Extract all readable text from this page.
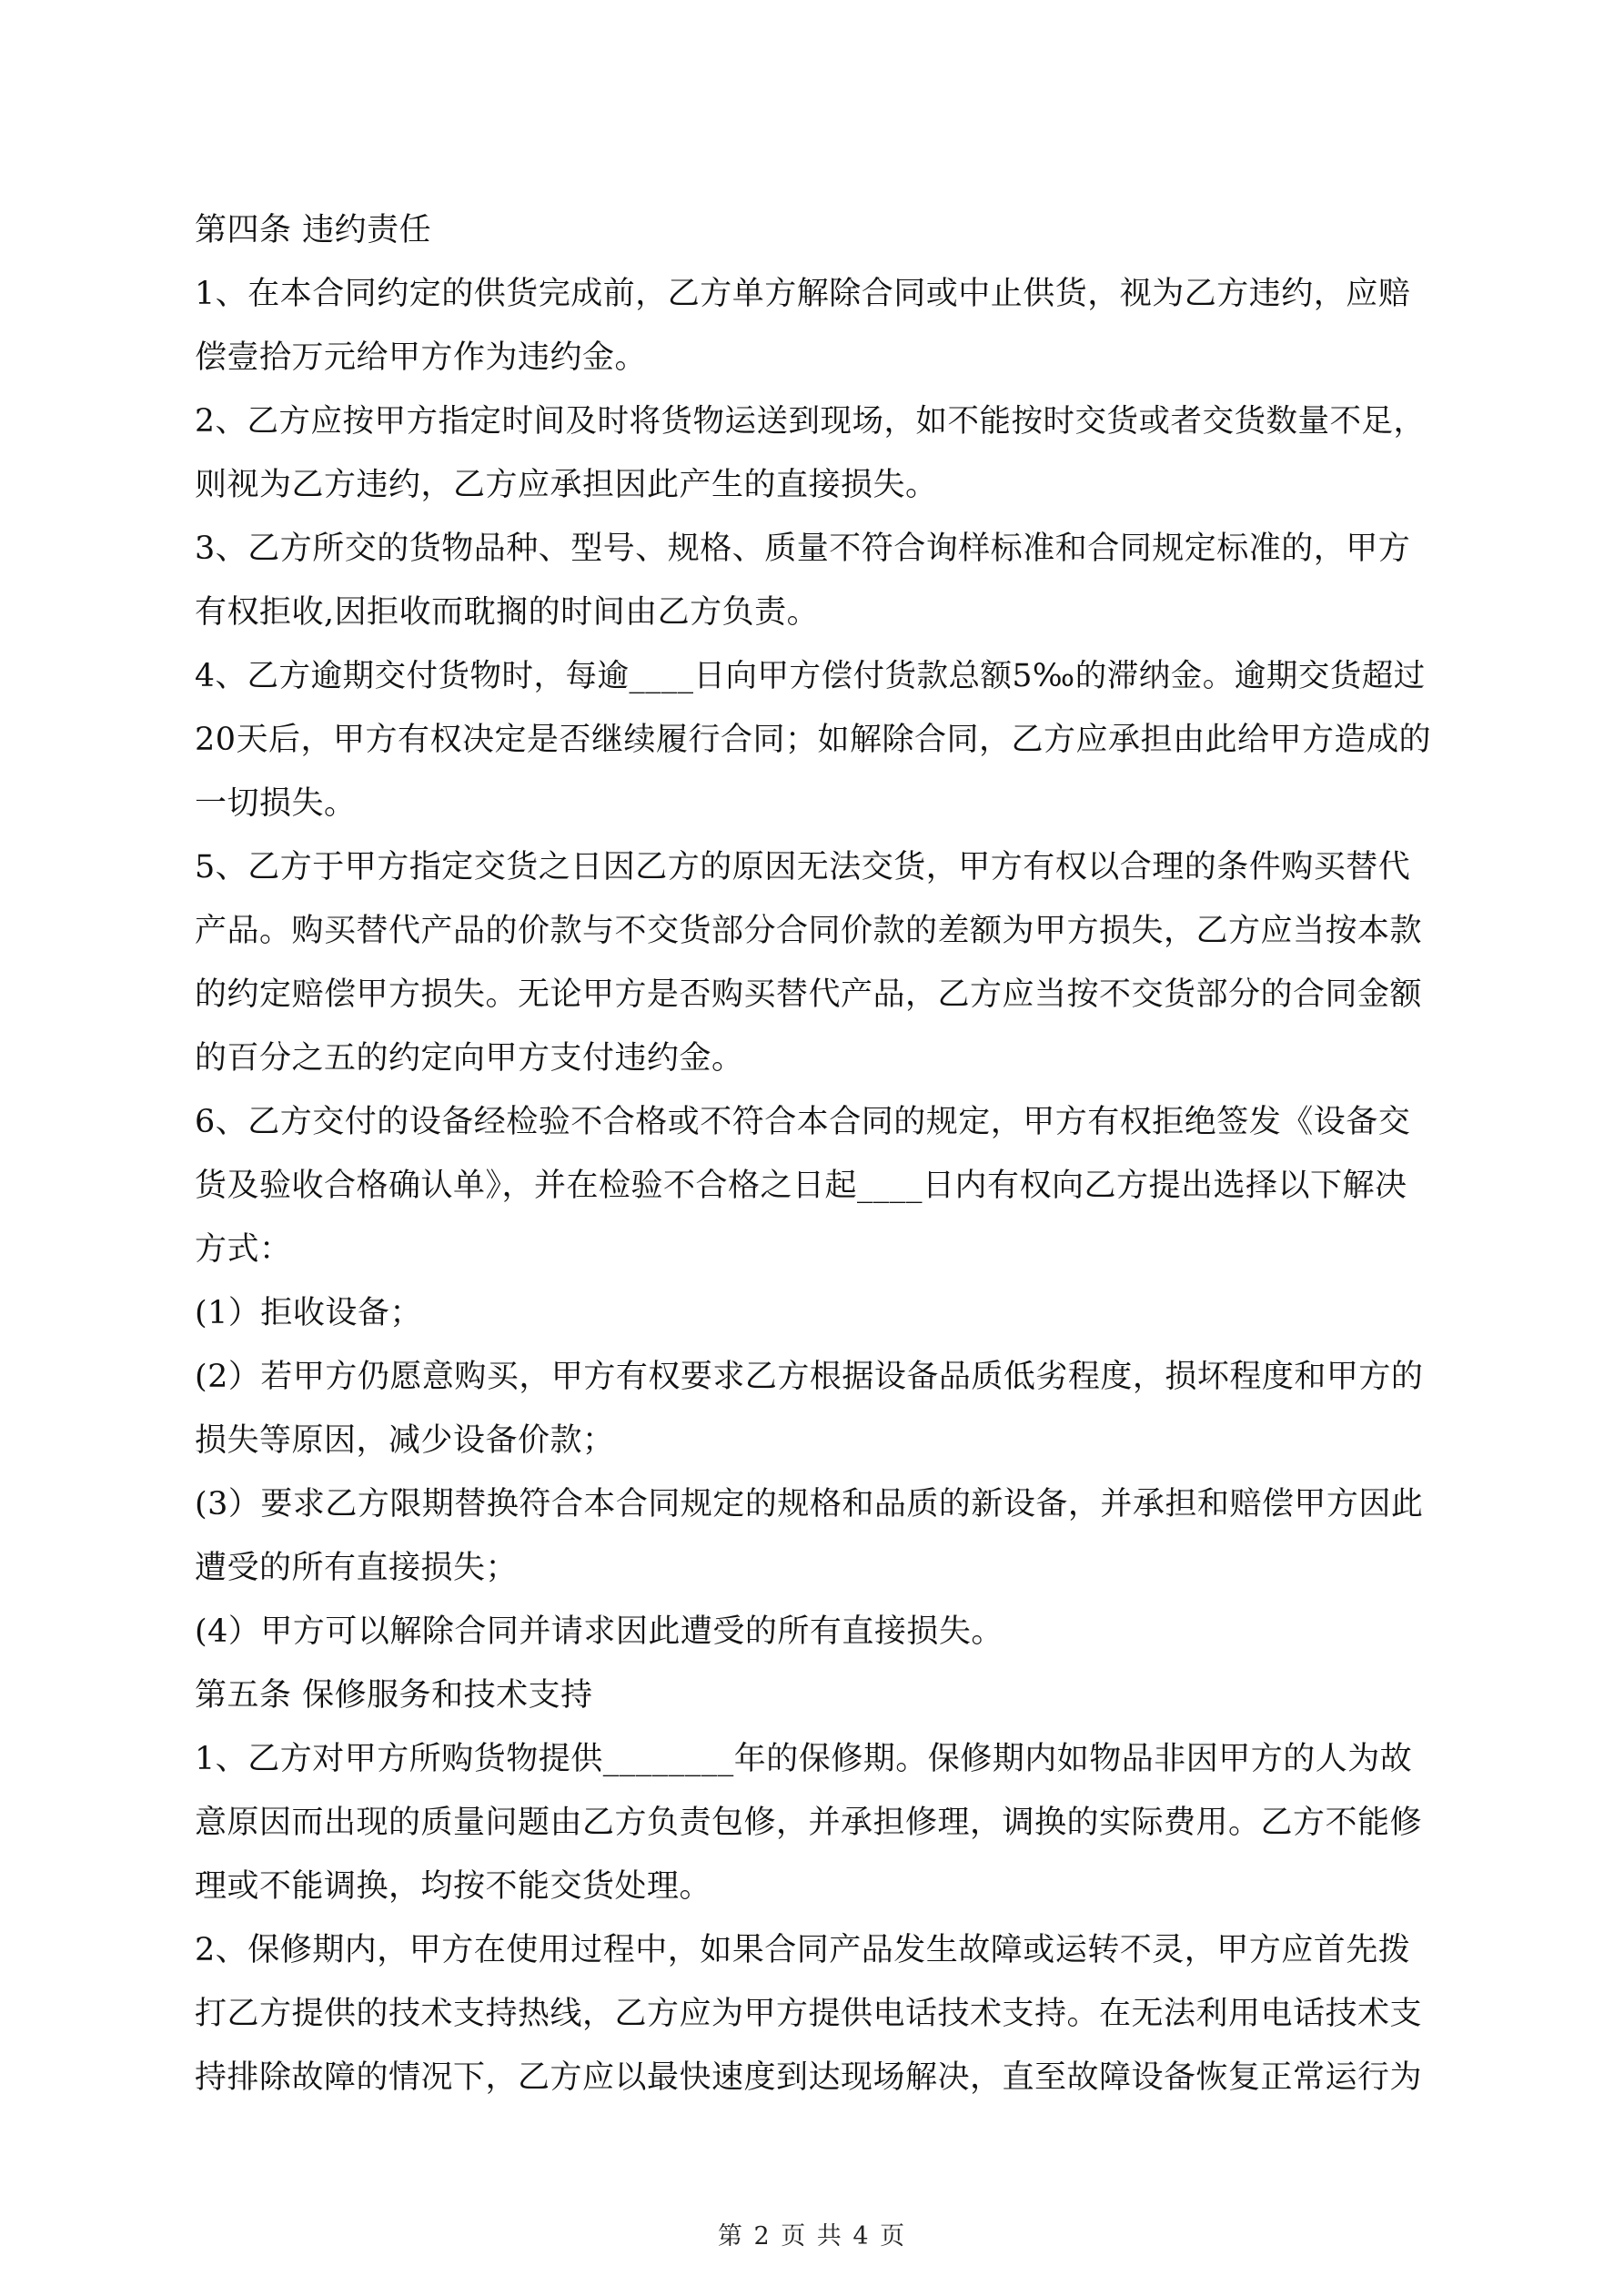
第四条 违约责任
1、在本合同约定的供货完成前，乙方单方解除合同或中止供货，视为乙方违约，应赔
偿壹拾万元给甲方作为违约金。
2、乙方应按甲方指定时间及时将货物运送到现场，如不能按时交货或者交货数量不足，
则视为乙方违约，乙方应承担因此产生的直接损失。
3、乙方所交的货物品种、型号、规格、质量不符合询样标准和合同规定标准的，甲方
有权拒收,因拒收而耽搁的时间由乙方负责。
4、乙方逾期交付货物时，每逾____日向甲方偿付货款总额5‰的滞纳金。逾期交货超过
20天后，甲方有权决定是否继续履行合同；如解除合同，乙方应承担由此给甲方造成的
一切损失。
5、乙方于甲方指定交货之日因乙方的原因无法交货，甲方有权以合理的条件购买替代
产品。购买替代产品的价款与不交货部分合同价款的差额为甲方损失，乙方应当按本款
的约定赔偿甲方损失。无论甲方是否购买替代产品，乙方应当按不交货部分的合同金额
的百分之五的约定向甲方支付违约金。
6、乙方交付的设备经检验不合格或不符合本合同的规定，甲方有权拒绝签发《设备交
货及验收合格确认单》，并在检验不合格之日起____日内有权向乙方提出选择以下解决
方式：
(1）拒收设备；
(2）若甲方仍愿意购买，甲方有权要求乙方根据设备品质低劣程度，损坏程度和甲方的
损失等原因，减少设备价款；
(3）要求乙方限期替换符合本合同规定的规格和品质的新设备，并承担和赔偿甲方因此
遭受的所有直接损失；
(4）甲方可以解除合同并请求因此遭受的所有直接损失。
第五条 保修服务和技术支持
1、乙方对甲方所购货物提供________年的保修期。保修期内如物品非因甲方的人为故
意原因而出现的质量问题由乙方负责包修，并承担修理，调换的实际费用。乙方不能修
理或不能调换，均按不能交货处理。
2、保修期内，甲方在使用过程中，如果合同产品发生故障或运转不灵，甲方应首先拨
打乙方提供的技术支持热线，乙方应为甲方提供电话技术支持。在无法利用电话技术支
持排除故障的情况下，乙方应以最快速度到达现场解决，直至故障设备恢复正常运行为
第 2 页 共 4 页
